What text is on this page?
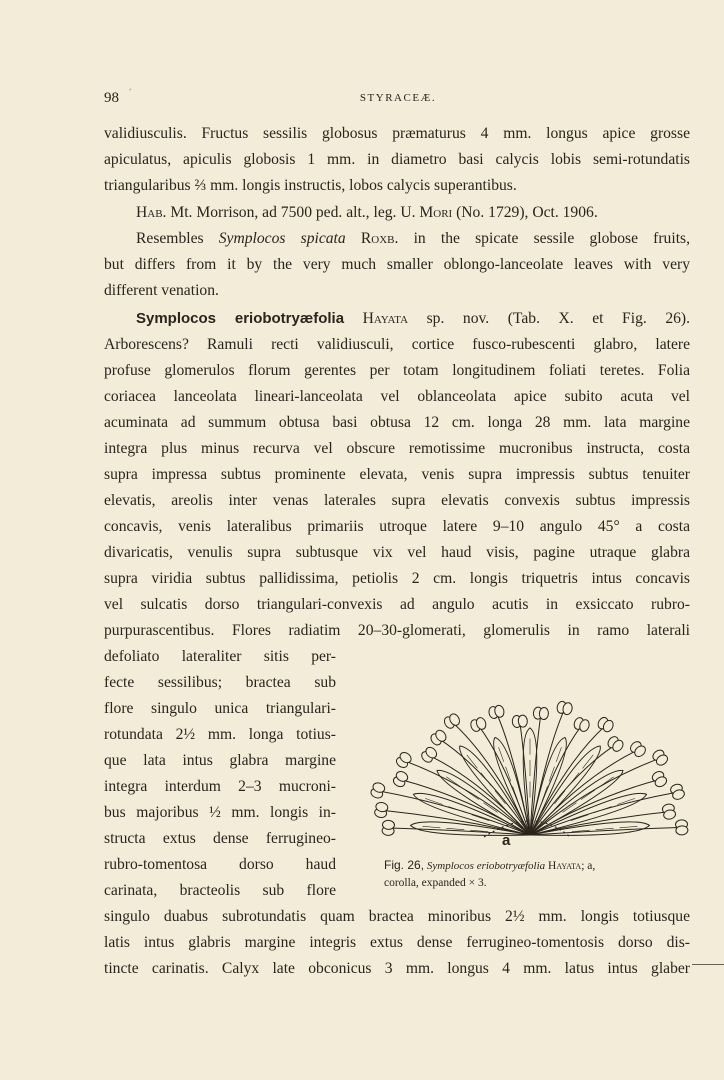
98	STYRACEÆ.
´
validiusculis. Fructus sessilis globosus præmaturus 4 mm. longus apice grosse
apiculatus, apiculis globosis 1 mm. in diametro basi calycis lobis semi-rotundatis
triangularibus ⅔ mm. longis instructis, lobos calycis superantibus.
Hab. Mt. Morrison, ad 7500 ped. alt., leg. U. Mori (No. 1729), Oct. 1906.
Resembles Symplocos spicata Roxb. in the spicate sessile globose fruits,
but differs from it by the very much smaller oblongo-lanceolate leaves with very
different venation.
Symplocos eriobotryæfolia Hayata sp. nov. (Tab. X. et Fig. 26).
Arborescens? Ramuli recti validiusculi, cortice fusco-rubescenti glabro, latere
profuse glomerulos florum gerentes per totam longitudinem foliati teretes. Folia
coriacea lanceolata lineari-lanceolata vel oblanceolata apice subito acuta vel
acuminata ad summum obtusa basi obtusa 12 cm. longa 28 mm. lata margine
integra plus minus recurva vel obscure remotissime mucronibus instructa, costa
supra impressa subtus prominente elevata, venis supra impressis subtus tenuiter
elevatis, areolis inter venas laterales supra elevatis convexis subtus impressis
concavis, venis lateralibus primariis utroque latere 9–10 angulo 45° a costa
divaricatis, venulis supra subtusque vix vel haud visis, pagine utraque glabra
supra viridia subtus pallidissima, petiolis 2 cm. longis triquetris intus concavis
vel sulcatis dorso triangulari-convexis ad angulo acutis in exsiccato rubro-
purpurascentibus. Flores radiatim 20–30-glomerati, glomerulis in ramo laterali
defoliato lateraliter sitis per-
fecte sessilibus; bractea sub
flore singulo unica triangulari-
rotundata 2½ mm. longa totius-
que lata intus glabra margine
integra interdum 2–3 mucroni-
bus majoribus ½ mm. longis in-
structa extus dense ferrugineo-
rubro-tomentosa dorso haud
carinata, bracteolis sub flore
a
Fig. 26, Symplocos eriobotryæfolia Hayata; a,
corolla, expanded × 3.
singulo duabus subrotundatis quam bractea minoribus 2½ mm. longis totiusque
latis intus glabris margine integris extus dense ferrugineo-tomentosis dorso dis-
tincte carinatis. Calyx late obconicus 3 mm. longus 4 mm. latus intus glaber
